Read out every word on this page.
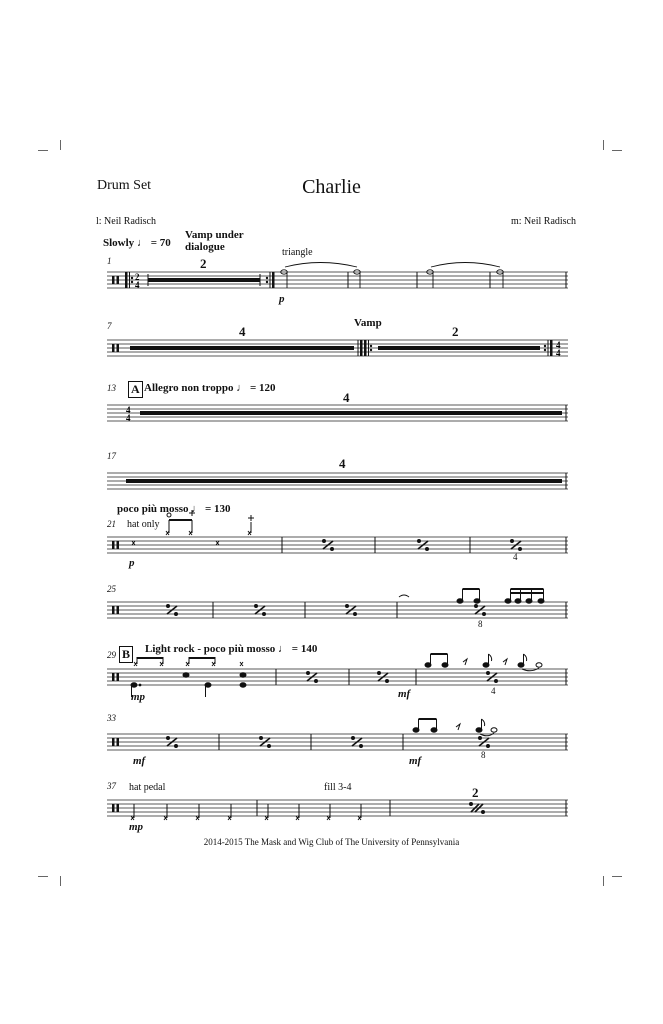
Drum Set	Charlie
l: Neil Radisch	m: Neil Radisch
1
Slowly ♩ = 70
Vamp under
dialogue
2
triangle
p
2
4
7	4
Vamp
2
4
4
13 A Allegro non troppo ♩ = 120
4
4
4
17	4
poco più mosso ♩ = 130
21 hat only
p	4
25
8
29 B Light rock - poco più mosso ♩ = 140
mp	mf	4
33
mf	mf	8
37 hat pedal	fill 3-4
mp
2
2014-2015 The Mask and Wig Club of The University of Pennsylvania
